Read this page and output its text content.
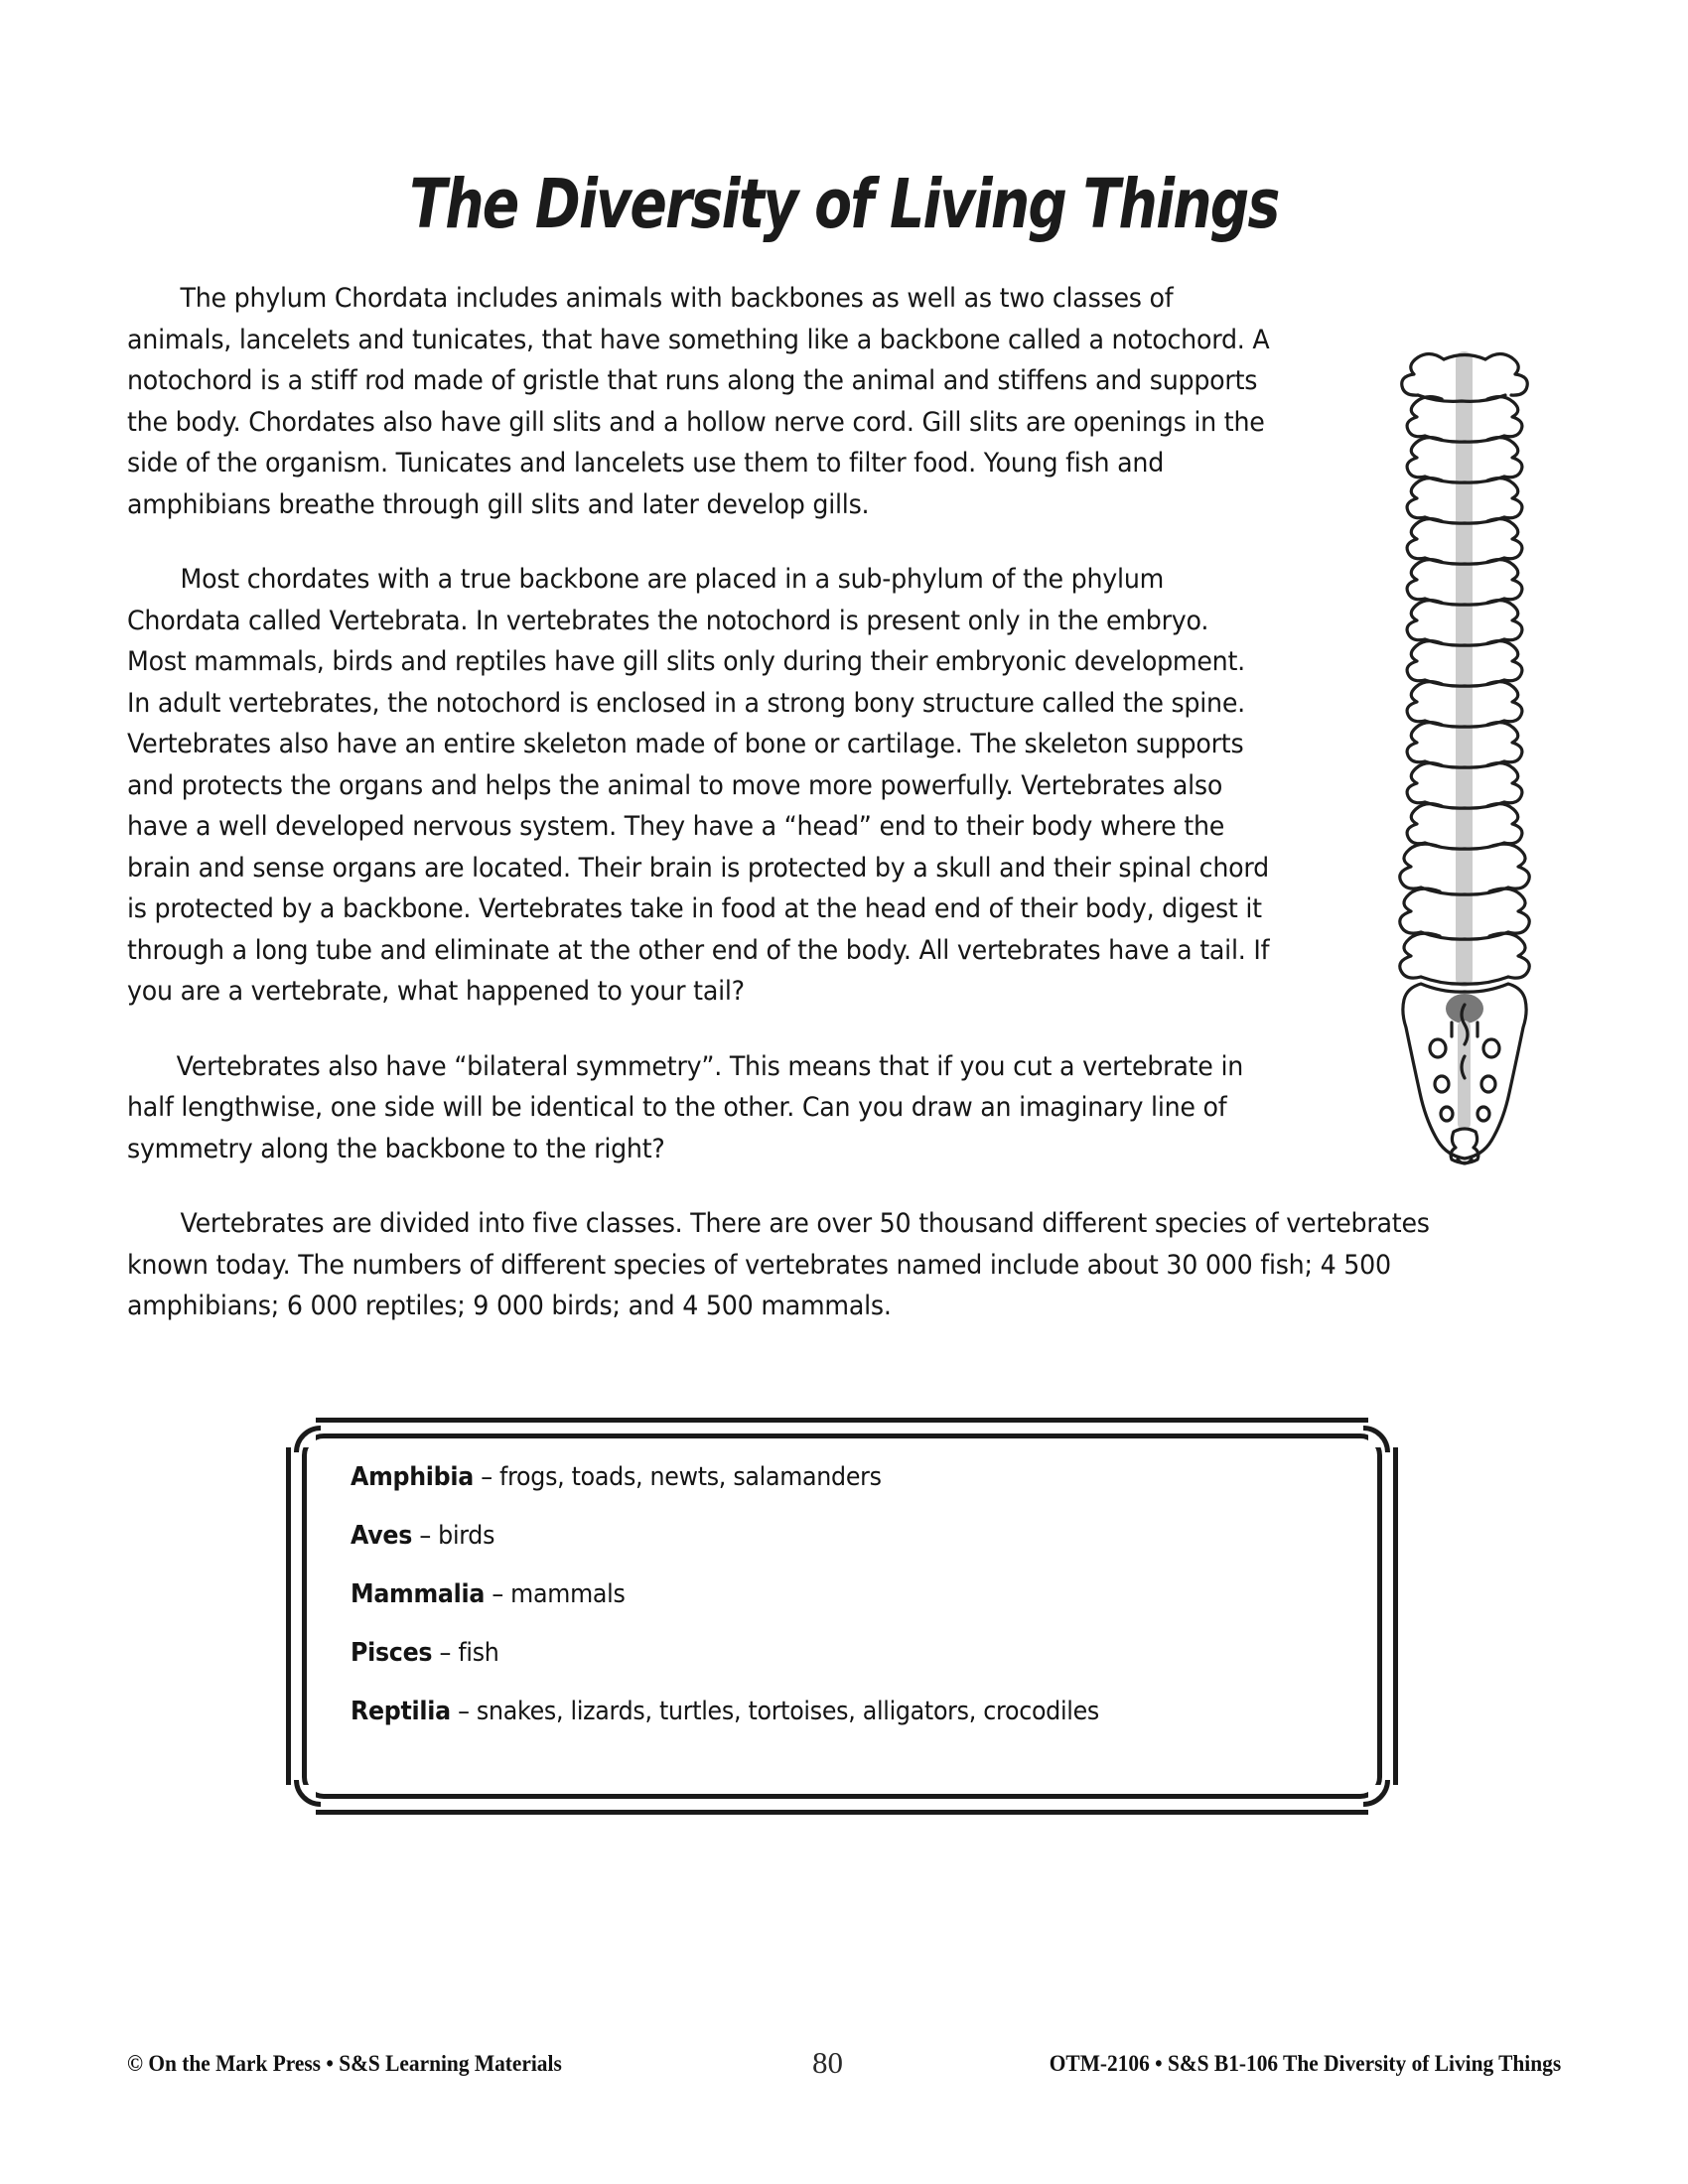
The Diversity of Living Things

The phylum Chordata includes animals with backbones as well as two classes of animals, lancelets and tunicates, that have something like a backbone called a notochord. A notochord is a stiff rod made of gristle that runs along the animal and stiffens and supports the body. Chordates also have gill slits and a hollow nerve cord. Gill slits are openings in the side of the organism. Tunicates and lancelets use them to filter food. Young fish and amphibians breathe through gill slits and later develop gills.

Most chordates with a true backbone are placed in a sub-phylum of the phylum Chordata called Vertebrata. In vertebrates the notochord is present only in the embryo. Most mammals, birds and reptiles have gill slits only during their embryonic development. In adult vertebrates, the notochord is enclosed in a strong bony structure called the spine. Vertebrates also have an entire skeleton made of bone or cartilage. The skeleton supports and protects the organs and helps the animal to move more powerfully. Vertebrates also have a well developed nervous system. They have a “head” end to their body where the brain and sense organs are located. Their brain is protected by a skull and their spinal chord is protected by a backbone. Vertebrates take in food at the head end of their body, digest it through a long tube and eliminate at the other end of the body. All vertebrates have a tail. If you are a vertebrate, what happened to your tail?

Vertebrates also have “bilateral symmetry”. This means that if you cut a vertebrate in half lengthwise, one side will be identical to the other. Can you draw an imaginary line of symmetry along the backbone to the right?

Vertebrates are divided into five classes. There are over 50 thousand different species of vertebrates known today. The numbers of different species of vertebrates named include about 30 000 fish; 4 500 amphibians; 6 000 reptiles; 9 000 birds; and 4 500 mammals.

Amphibia – frogs, toads, newts, salamanders
Aves – birds
Mammalia – mammals
Pisces – fish
Reptilia – snakes, lizards, turtles, tortoises, alligators, crocodiles
© On the Mark Press • S&S Learning Materials	80	OTM-2106 • S&S B1-106 The Diversity of Living Things
